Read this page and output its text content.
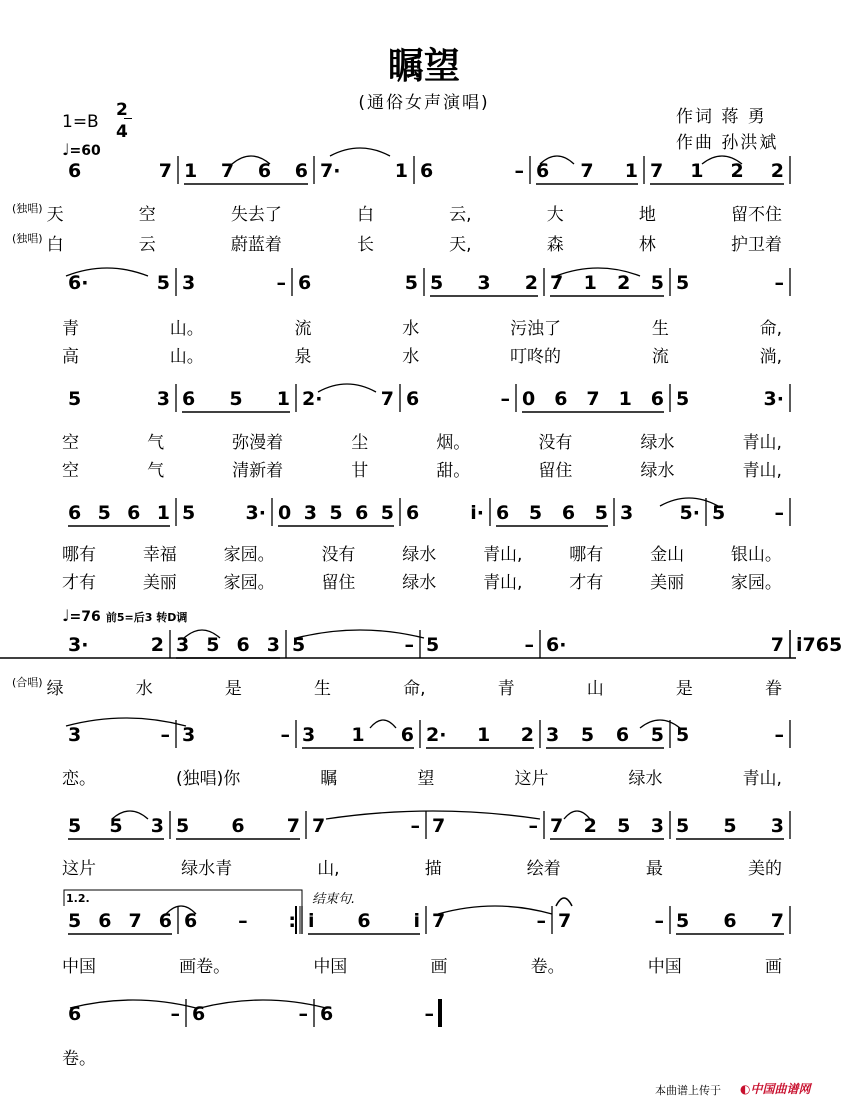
瞩望
(通俗女声演唱)
作词 蒋 勇
作曲 孙洪斌
1=B
2
4
♩=60
♩=76 前5=后3 转D调
1.2.	结束句.
6	7 1 7 6 6 7·	1 6	– 6 7 1 7 1 2 2
(独唱) 天	空	失去了	白	云,	大	地	留不住
(独唱) 白	云	蔚蓝着	长	天,	森	林	护卫着
6·	5 3	– 6	5 5 3 2 7 1 2 5 5	–
青	山。	流	水	污浊了	生	命,
高	山。	泉	水	叮咚的	流	淌,
5	3 6 5 1 2·	7 6	– 0 6 7 1 6 5	3·
空	气	弥漫着	尘	烟。	没有	绿水	青山,
空	气	清新着	甘	甜。	留住	绿水	青山,
6 5 6 1 5	3· 0 3 5 6 5 6	i· 6 5 6 5 3 5· 5	–
哪有	幸福	家园。	没有	绿水	青山,	哪有	金山	银山。
才有	美丽	家园。	留住	绿水	青山,	才有	美丽	家园。
3·	2 3 5 6 3 5	– 5	– 6·	7 i 7 6 5
(合唱) 绿	水	是	生	命,	青	山	是	眷
3	– 3	– 3 1 6 2· 1 2 3 5 6 5 5	–
恋。	(独唱)你	瞩	望	这片	绿水	青山,
5 5 3 5 6 7 7	– 7	– 7 2 5 3 5 5 3
这片	绿水青	山,	描	绘着	最	美的
5 6 7 6 6 – : i 6 i 7	– 7	– 5 6 7
中国	画卷。	中国	画	卷。	中国	画
6	– 6	– 6	–
卷。
本曲谱上传于 ◐中国曲谱网
